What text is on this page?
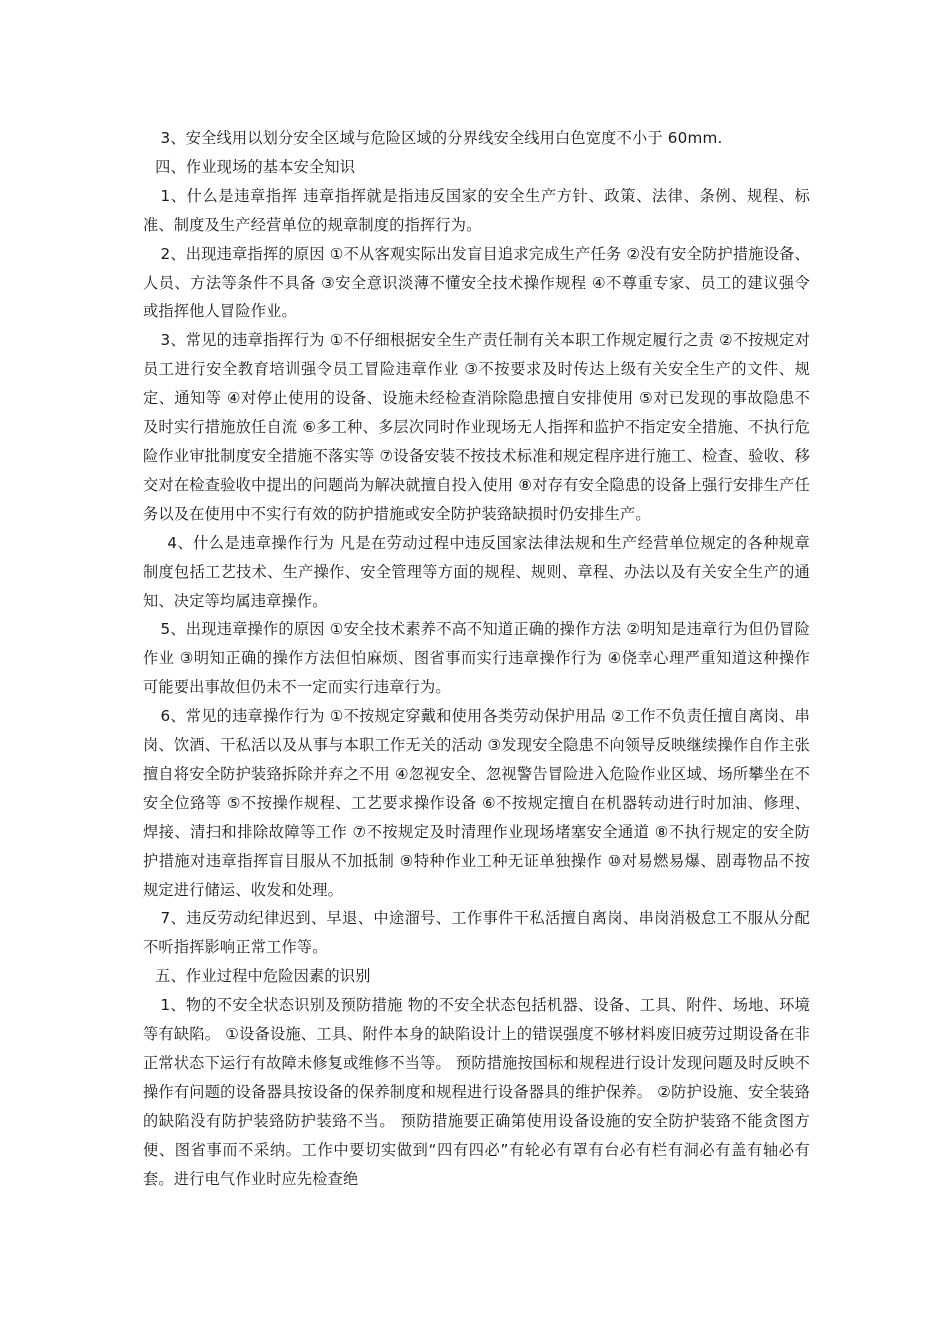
3、安全线用以划分安全区域与危险区域的分界线安全线用白色宽度不小于 60mm.

四、作业现场的基本安全知识

1、什么是违章指挥 违章指挥就是指违反国家的安全生产方针、政策、法律、条例、规程、标准、制度及生产经营单位的规章制度的指挥行为。

2、出现违章指挥的原因 ①不从客观实际出发盲目追求完成生产任务 ②没有安全防护措施设备、人员、方法等条件不具备 ③安全意识淡薄不懂安全技术操作规程 ④不尊重专家、员工的建议强令或指挥他人冒险作业。

3、常见的违章指挥行为 ①不仔细根据安全生产责任制有关本职工作规定履行之责 ②不按规定对员工进行安全教育培训强令员工冒险违章作业 ③不按要求及时传达上级有关安全生产的文件、规定、通知等 ④对停止使用的设备、设施未经检查消除隐患擅自安排使用 ⑤对已发现的事故隐患不及时实行措施放任自流 ⑥多工种、多层次同时作业现场无人指挥和监护不指定安全措施、不执行危险作业审批制度安全措施不落实等 ⑦设备安装不按技术标准和规定程序进行施工、检查、验收、移交对在检查验收中提出的问题尚为解决就擅自投入使用 ⑧对存有安全隐患的设备上强行安排生产任务以及在使用中不实行有效的防护措施或安全防护装臵缺损时仍安排生产。

4、什么是违章操作行为 凡是在劳动过程中违反国家法律法规和生产经营单位规定的各种规章制度包括工艺技术、生产操作、安全管理等方面的规程、规则、章程、办法以及有关安全生产的通知、决定等均属违章操作。

5、出现违章操作的原因 ①安全技术素养不高不知道正确的操作方法 ②明知是违章行为但仍冒险作业 ③明知正确的操作方法但怕麻烦、图省事而实行违章操作行为 ④侥幸心理严重知道这种操作可能要出事故但仍未不一定而实行违章行为。

6、常见的违章操作行为 ①不按规定穿戴和使用各类劳动保护用品 ②工作不负责任擅自离岗、串岗、饮酒、干私活以及从事与本职工作无关的活动 ③发现安全隐患不向领导反映继续操作自作主张擅自将安全防护装臵拆除并弃之不用 ④忽视安全、忽视警告冒险进入危险作业区域、场所攀坐在不安全位臵等 ⑤不按操作规程、工艺要求操作设备 ⑥不按规定擅自在机器转动进行时加油、修理、焊接、清扫和排除故障等工作 ⑦不按规定及时清理作业现场堵塞安全通道 ⑧不执行规定的安全防护措施对违章指挥盲目服从不加抵制 ⑨特种作业工种无证单独操作 ⑩对易燃易爆、剧毒物品不按规定进行储运、收发和处理。

7、违反劳动纪律迟到、早退、中途溜号、工作事件干私活擅自离岗、串岗消极怠工不服从分配不听指挥影响正常工作等。

五、作业过程中危险因素的识别

1、物的不安全状态识别及预防措施 物的不安全状态包括机器、设备、工具、附件、场地、环境等有缺陷。 ①设备设施、工具、附件本身的缺陷设计上的错误强度不够材料废旧疲劳过期设备在非正常状态下运行有故障未修复或维修不当等。 预防措施按国标和规程进行设计发现问题及时反映不操作有问题的设备器具按设备的保养制度和规程进行设备器具的维护保养。 ②防护设施、安全装臵的缺陷没有防护装臵防护装臵不当。 预防措施要正确第使用设备设施的安全防护装臵不能贪图方便、图省事而不采纳。工作中要切实做到“四有四必”有轮必有罩有台必有栏有洞必有盖有轴必有套。进行电气作业时应先检查绝
